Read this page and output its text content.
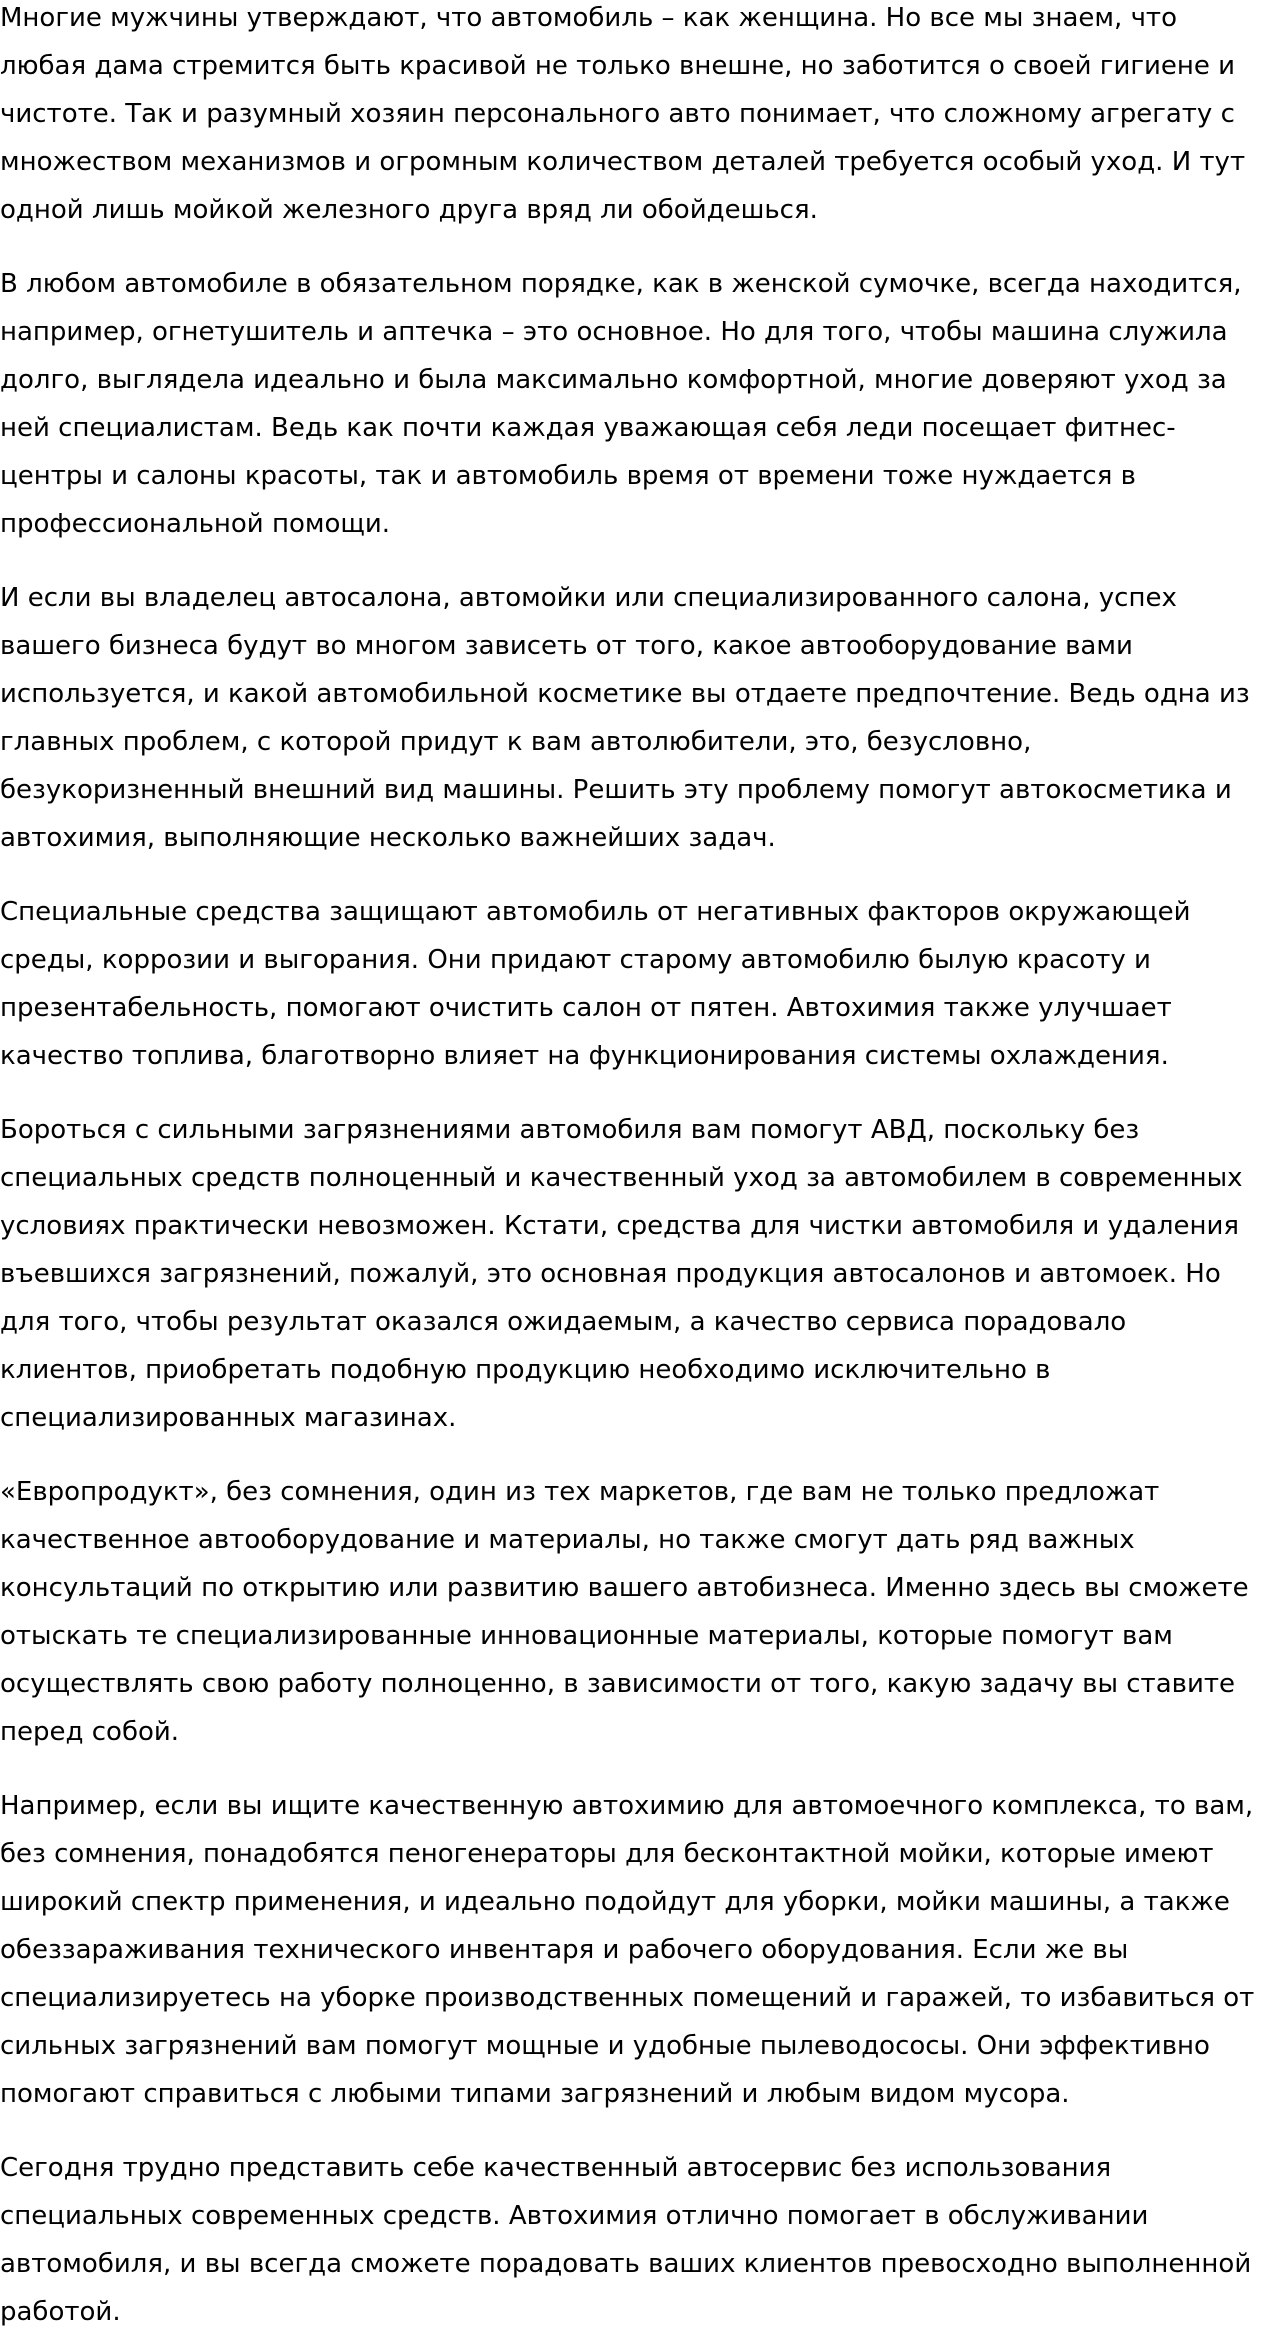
Многие мужчины утверждают, что автомобиль – как женщина. Но все мы знаем, что любая дама стремится быть красивой не только внешне, но заботится о своей гигиене и чистоте. Так и разумный хозяин персонального авто понимает, что сложному агрегату с множеством механизмов и огромным количеством деталей требуется особый уход. И тут одной лишь мойкой железного друга вряд ли обойдешься.

В любом автомобиле в обязательном порядке, как в женской сумочке, всегда находится, например, огнетушитель и аптечка – это основное. Но для того, чтобы машина служила долго, выглядела идеально и была максимально комфортной, многие доверяют уход за ней специалистам. Ведь как почти каждая уважающая себя леди посещает фитнес-центры и салоны красоты, так и автомобиль время от времени тоже нуждается в профессиональной помощи.

И если вы владелец автосалона, автомойки или специализированного салона, успех вашего бизнеса будут во многом зависеть от того, какое автооборудование вами используется, и какой автомобильной косметике вы отдаете предпочтение. Ведь одна из главных проблем, с которой придут к вам автолюбители, это, безусловно, безукоризненный внешний вид машины. Решить эту проблему помогут автокосметика и автохимия, выполняющие несколько важнейших задач.

Специальные средства защищают автомобиль от негативных факторов окружающей среды, коррозии и выгорания. Они придают старому автомобилю былую красоту и презентабельность, помогают очистить салон от пятен. Автохимия также улучшает качество топлива, благотворно влияет на функционирования системы охлаждения.

Бороться с сильными загрязнениями автомобиля вам помогут АВД, поскольку без специальных средств полноценный и качественный уход за автомобилем в современных условиях практически невозможен. Кстати, средства для чистки автомобиля и удаления въевшихся загрязнений, пожалуй, это основная продукция автосалонов и автомоек. Но для того, чтобы результат оказался ожидаемым, а качество сервиса порадовало клиентов, приобретать подобную продукцию необходимо исключительно в специализированных магазинах.

«Европродукт», без сомнения, один из тех маркетов, где вам не только предложат качественное автооборудование и материалы, но также смогут дать ряд важных консультаций по открытию или развитию вашего автобизнеса. Именно здесь вы сможете отыскать те специализированные инновационные материалы, которые помогут вам осуществлять свою работу полноценно, в зависимости от того, какую задачу вы ставите перед собой.

Например, если вы ищите качественную автохимию для автомоечного комплекса, то вам, без сомнения, понадобятся пеногенераторы для бесконтактной мойки, которые имеют широкий спектр применения, и идеально подойдут для уборки, мойки машины, а также обеззараживания технического инвентаря и рабочего оборудования. Если же вы специализируетесь на уборке производственных помещений и гаражей, то избавиться от сильных загрязнений вам помогут мощные и удобные пылеводососы. Они эффективно помогают справиться с любыми типами загрязнений и любым видом мусора.

Сегодня трудно представить себе качественный автосервис без использования специальных современных средств. Автохимия отлично помогает в обслуживании автомобиля, и вы всегда сможете порадовать ваших клиентов превосходно выполненной работой.
